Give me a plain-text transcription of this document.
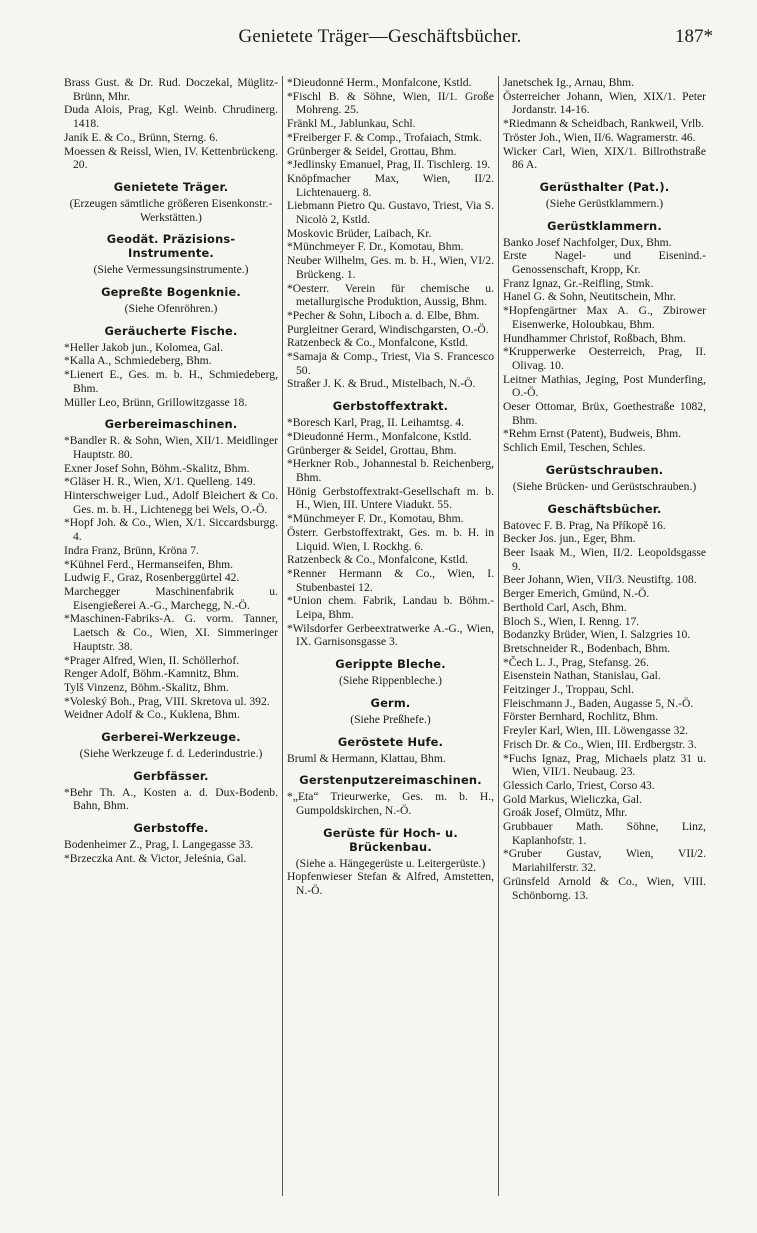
Genietete Träger—Geschäftsbücher.	187*
Brass Gust. & Dr. Rud. Doczekal, Müglitz-Brünn, Mhr.
Duda Alois, Prag, Kgl. Weinb. Chrudinerg. 1418.
Janik E. & Co., Brünn, Sterng. 6.
Moessen & Reissl, Wien, IV. Kettenbrückeng. 20.
Genietete Träger.
(Erzeugen sämtliche größeren Eisenkonstr.-Werkstätten.)
Geodät. Präzisions-Instrumente.
(Siehe Vermessungsinstrumente.)
Gepreßte Bogenknie.
(Siehe Ofenröhren.)
Geräucherte Fische.
*Heller Jakob jun., Kolomea, Gal.
*Kalla A., Schmiedeberg, Bhm.
*Lienert E., Ges. m. b. H., Schmiedeberg, Bhm.
Müller Leo, Brünn, Grillowitzgasse 18.
Gerbereimaschinen.
*Bandler R. & Sohn, Wien, XII/1. Meidlinger Hauptstr. 80.
Exner Josef Sohn, Böhm.-Skalitz, Bhm.
*Gläser H. R., Wien, X/1. Quelleng. 149.
Hinterschweiger Lud., Adolf Bleichert & Co. Ges. m. b. H., Lichtenegg bei Wels, O.-Ö.
*Hopf Joh. & Co., Wien, X/1. Siccardsburgg. 4.
Indra Franz, Brünn, Kröna 7.
*Kühnel Ferd., Hermanseifen, Bhm.
Ludwig F., Graz, Rosenberggürtel 42.
Marchegger Maschinenfabrik u. Eisengießerei A.-G., Marchegg, N.-Ö.
*Maschinen-Fabriks-A. G. vorm. Tanner, Laetsch & Co., Wien, XI. Simmeringer Hauptstr. 38.
*Prager Alfred, Wien, II. Schöllerhof.
Renger Adolf, Böhm.-Kamnitz, Bhm.
Tylš Vinzenz, Böhm.-Skalitz, Bhm.
*Voleský Boh., Prag, VIII. Skretova ul. 392.
Weidner Adolf & Co., Kuklena, Bhm.
Gerberei-Werkzeuge.
(Siehe Werkzeuge f. d. Lederindustrie.)
Gerbfässer.
*Behr Th. A., Kosten a. d. Dux-Bodenb. Bahn, Bhm.
Gerbstoffe.
Bodenheimer Z., Prag, I. Langegasse 33.
*Brzeczka Ant. & Victor, Jeleśnia, Gal.
*Dieudonné Herm., Monfalcone, Kstld.
*Fischl B. & Söhne, Wien, II/1. Große Mohreng. 25.
Fränkl M., Jablunkau, Schl.
*Freiberger F. & Comp., Trofaiach, Stmk.
Grünberger & Seidel, Grottau, Bhm.
*Jedlinsky Emanuel, Prag, II. Tischlerg. 19.
Knöpfmacher Max, Wien, II/2. Lichtenauerg. 8.
Liebmann Pietro Qu. Gustavo, Triest, Via S. Nicolò 2, Kstld.
Moskovic Brüder, Laibach, Kr.
*Münchmeyer F. Dr., Komotau, Bhm.
Neuber Wilhelm, Ges. m. b. H., Wien, VI/2. Brückeng. 1.
*Oesterr. Verein für chemische u. metallurgische Produktion, Aussig, Bhm.
*Pecher & Sohn, Liboch a. d. Elbe, Bhm.
Purgleitner Gerard, Windischgarsten, O.-Ö.
Ratzenbeck & Co., Monfalcone, Kstld.
*Samaja & Comp., Triest, Via S. Francesco 50.
Straßer J. K. & Brud., Mistelbach, N.-Ö.
Gerbstoffextrakt.
*Boresch Karl, Prag, II. Leihamtsg. 4.
*Dieudonné Herm., Monfalcone, Kstld.
Grünberger & Seidel, Grottau, Bhm.
*Herkner Rob., Johannestal b. Reichenberg, Bhm.
Hönig Gerbstoffextrakt-Gesellschaft m. b. H., Wien, III. Untere Viadukt. 55.
*Münchmeyer F. Dr., Komotau, Bhm.
Österr. Gerbstoffextrakt, Ges. m. b. H. in Liquid. Wien, I. Rockhg. 6.
Ratzenbeck & Co., Monfalcone, Kstld.
*Renner Hermann & Co., Wien, I. Stubenbastei 12.
*Union chem. Fabrik, Landau b. Böhm.-Leipa, Bhm.
*Wilsdorfer Gerbeextratwerke A.-G., Wien, IX. Garnisonsgasse 3.
Gerippte Bleche.
(Siehe Rippenbleche.)
Germ.
(Siehe Preßhefe.)
Geröstete Hufe.
Bruml & Hermann, Klattau, Bhm.
Gerstenputzereimaschinen.
*„Eta“ Trieurwerke, Ges. m. b. H., Gumpoldskirchen, N.-Ö.
Gerüste für Hoch- u. Brückenbau.
(Siehe a. Hängegerüste u. Leitergerüste.)
Hopfenwieser Stefan & Alfred, Amstetten, N.-Ö.
Janetschek Ig., Arnau, Bhm.
Österreicher Johann, Wien, XIX/1. Peter Jordanstr. 14-16.
*Riedmann & Scheidbach, Rankweil, Vrlb.
Tröster Joh., Wien, II/6. Wagramerstr. 46.
Wicker Carl, Wien, XIX/1. Billrothstraße 86 A.
Gerüsthalter (Pat.).
(Siehe Gerüstklammern.)
Gerüstklammern.
Banko Josef Nachfolger, Dux, Bhm.
Erste Nagel- und Eisenind.-Genossenschaft, Kropp, Kr.
Franz Ignaz, Gr.-Reifling, Stmk.
Hanel G. & Sohn, Neutitschein, Mhr.
*Hopfengärtner Max A. G., Zbirower Eisenwerke, Holoubkau, Bhm.
Hundhammer Christof, Roßbach, Bhm.
*Krupperwerke Oesterreich, Prag, II. Olivag. 10.
Leitner Mathias, Jeging, Post Munderfing, O.-Ö.
Oeser Ottomar, Brüx, Goethestraße 1082, Bhm.
*Rehm Ernst (Patent), Budweis, Bhm.
Schlich Emil, Teschen, Schles.
Gerüstschrauben.
(Siehe Brücken- und Gerüstschrauben.)
Geschäftsbücher.
Batovec F. B. Prag, Na Příkopě 16.
Becker Jos. jun., Eger, Bhm.
Beer Isaak M., Wien, II/2. Leopoldsgasse 9.
Beer Johann, Wien, VII/3. Neustiftg. 108.
Berger Emerich, Gmünd, N.-Ö.
Berthold Carl, Asch, Bhm.
Bloch S., Wien, I. Renng. 17.
Bodanzky Brüder, Wien, I. Salzgries 10.
Bretschneider R., Bodenbach, Bhm.
*Čech L. J., Prag, Stefansg. 26.
Eisenstein Nathan, Stanislau, Gal.
Feitzinger J., Troppau, Schl.
Fleischmann J., Baden, Augasse 5, N.-Ö.
Förster Bernhard, Rochlitz, Bhm.
Freyler Karl, Wien, III. Löwengasse 32.
Frisch Dr. & Co., Wien, III. Erdbergstr. 3.
*Fuchs Ignaz, Prag, Michaels platz 31 u. Wien, VII/1. Neubaug. 23.
Glessich Carlo, Triest, Corso 43.
Gold Markus, Wieliczka, Gal.
Groák Josef, Olmütz, Mhr.
Grubbauer Math. Söhne, Linz, Kaplanhofstr. 1.
*Gruber Gustav, Wien, VII/2. Mariahilferstr. 32.
Grünsfeld Arnold & Co., Wien, VIII. Schönborng. 13.
